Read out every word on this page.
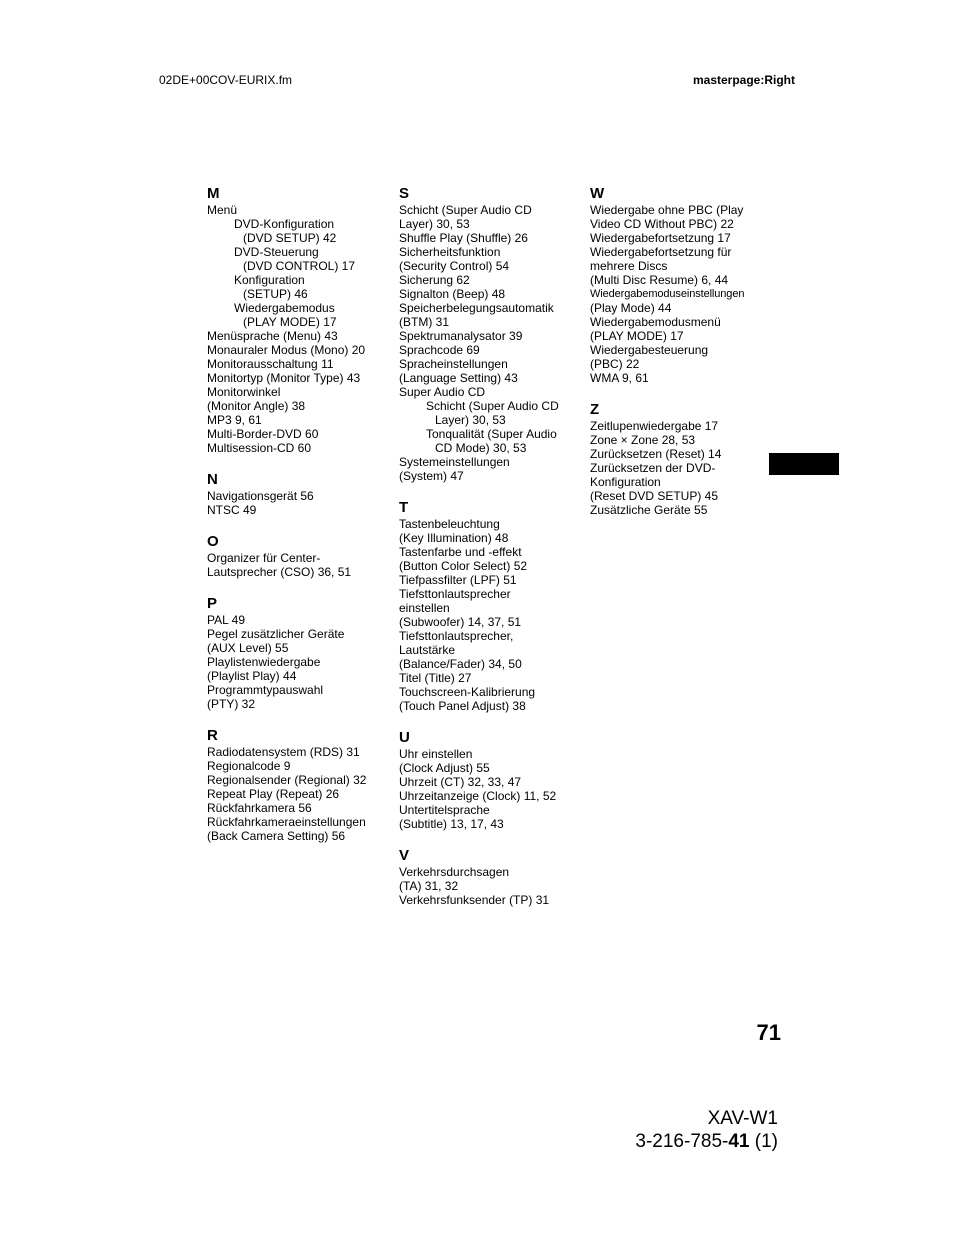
02DE+00COV-EURIX.fm	masterpage:Right
M
Menü
DVD-Konfiguration
(DVD SETUP) 42
DVD-Steuerung
(DVD CONTROL) 17
Konfiguration
(SETUP) 46
Wiedergabemodus
(PLAY MODE) 17
Menüsprache (Menu) 43
Monauraler Modus (Mono) 20
Monitorausschaltung 11
Monitortyp (Monitor Type) 43
Monitorwinkel
(Monitor Angle) 38
MP3 9, 61
Multi-Border-DVD 60
Multisession-CD 60
N
Navigationsgerät 56
NTSC 49
O
Organizer für Center-
Lautsprecher (CSO) 36, 51
P
PAL 49
Pegel zusätzlicher Geräte
(AUX Level) 55
Playlistenwiedergabe
(Playlist Play) 44
Programmtypauswahl
(PTY) 32
R
Radiodatensystem (RDS) 31
Regionalcode 9
Regionalsender (Regional) 32
Repeat Play (Repeat) 26
Rückfahrkamera 56
Rückfahrkameraeinstellungen
(Back Camera Setting) 56
S
Schicht (Super Audio CD
Layer) 30, 53
Shuffle Play (Shuffle) 26
Sicherheitsfunktion
(Security Control) 54
Sicherung 62
Signalton (Beep) 48
Speicherbelegungsautomatik
(BTM) 31
Spektrumanalysator 39
Sprachcode 69
Spracheinstellungen
(Language Setting) 43
Super Audio CD
Schicht (Super Audio CD
Layer) 30, 53
Tonqualität (Super Audio
CD Mode) 30, 53
Systemeinstellungen
(System) 47
T
Tastenbeleuchtung
(Key Illumination) 48
Tastenfarbe und -effekt
(Button Color Select) 52
Tiefpassfilter (LPF) 51
Tiefsttonlautsprecher
einstellen
(Subwoofer) 14, 37, 51
Tiefsttonlautsprecher,
Lautstärke
(Balance/Fader) 34, 50
Titel (Title) 27
Touchscreen-Kalibrierung
(Touch Panel Adjust) 38
U
Uhr einstellen
(Clock Adjust) 55
Uhrzeit (CT) 32, 33, 47
Uhrzeitanzeige (Clock) 11, 52
Untertitelsprache
(Subtitle) 13, 17, 43
V
Verkehrsdurchsagen
(TA) 31, 32
Verkehrsfunksender (TP) 31
W
Wiedergabe ohne PBC (Play
Video CD Without PBC) 22
Wiedergabefortsetzung 17
Wiedergabefortsetzung für
mehrere Discs
(Multi Disc Resume) 6, 44
Wiedergabemoduseinstellungen
(Play Mode) 44
Wiedergabemodusmenü
(PLAY MODE) 17
Wiedergabesteuerung
(PBC) 22
WMA 9, 61
Z
Zeitlupenwiedergabe 17
Zone × Zone 28, 53
Zurücksetzen (Reset) 14
Zurücksetzen der DVD-
Konfiguration
(Reset DVD SETUP) 45
Zusätzliche Geräte 55
71
XAV-W1
3-216-785-41 (1)
